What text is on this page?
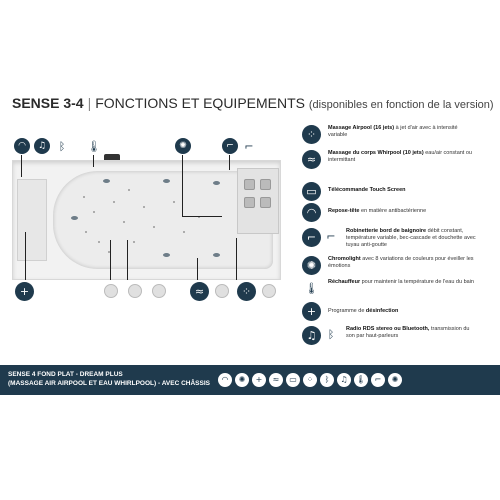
SENSE 3-4 | FONCTIONS ET EQUIPEMENTS (disponibles en fonction de la version)
◠	♫	ᛒ	🌡	✺	⌐ ⌐
+	≈	⁘
⁘	Massage Airpool (16 jets) à jet d'air avec à intensité variable
≈	Massage du corps Whirpool (10 jets) eau/air constant ou intermittant
▭	Télécommande Touch Screen
◠	Repose-tête en matière antibactérienne
⌐ ⌐	Robinetterie bord de baignoire débit constant, température variable, bec-cascade et douchette avec tuyau anti-goutte
✺	Chromolight avec 8 variations de couleurs pour éveiller les émotions
🌡	Réchauffeur pour maintenir la température de l'eau du bain
+	Programme de désinfection
♫	ᛒ	Radio RDS stereo ou Bluetooth, transmission du son par haut-parleurs
SENSE 4 FOND PLAT - DREAM PLUS
(MASSAGE AIR AIRPOOL ET EAU WHIRLPOOL) - AVEC CHÂSSIS	◠	✺	+	≈	▭	⁘	ᛒ	♫	🌡	⌐	✺
